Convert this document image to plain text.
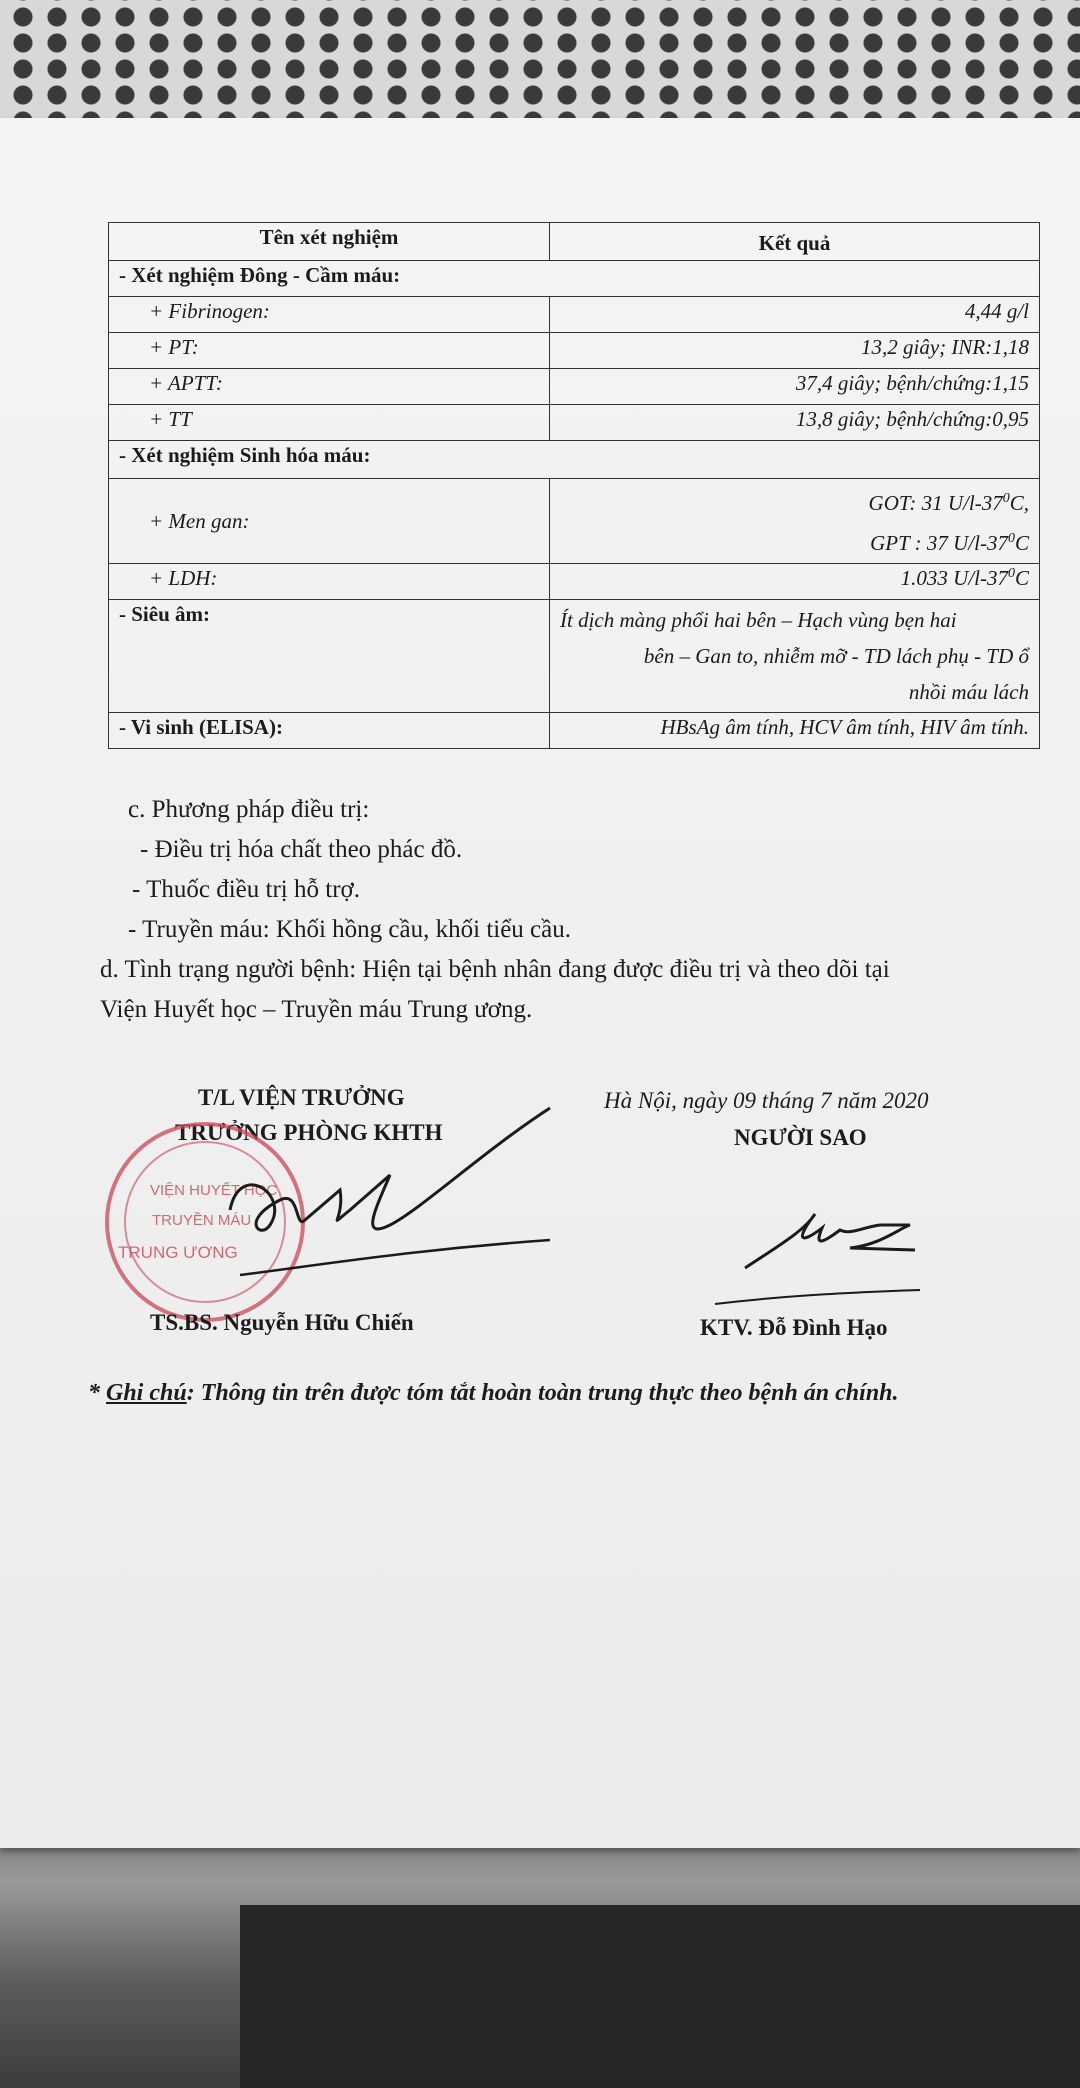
Tên xét nghiệm	Kết quả
- Xét nghiệm Đông - Cầm máu:	
+ Fibrinogen:	4,44 g/l
+ PT:	13,2 giây; INR:1,18
+ APTT:	37,4 giây; bệnh/chứng:1,15
+ TT	13,8 giây; bệnh/chứng:0,95
- Xét nghiệm Sinh hóa máu:	
+ Men gan:	GOT: 31 $U/l-37^0C$,
GPT : 37 $U/l-37^0C$

+ LDH:	1.033 $U/l-37^0C$
- Siêu âm:	Ít dịch màng phổi hai bên – Hạch vùng bẹn hai
bên – Gan to, nhiễm mỡ - TD lách phụ - TD ổ
nhồi máu lách

- Vi sinh (ELISA):	HBsAg âm tính, HCV âm tính, HIV âm tính.
c. Phương pháp điều trị:
- Điều trị hóa chất theo phác đồ.
- Thuốc điều trị hỗ trợ.
- Truyền máu: Khối hồng cầu, khối tiểu cầu.
d. Tình trạng người bệnh: Hiện tại bệnh nhân đang được điều trị và theo dõi tại
Viện Huyết học – Truyền máu Trung ương.
T/L VIỆN TRƯỞNG
TRƯỞNG PHÒNG KHTH
Hà Nội, ngày 09 tháng 7 năm 2020
NGƯỜI SAO
VIỆN HUYẾT HỌC
TRUYỀN MÁU
TRUNG ƯƠNG
TS.BS. Nguyễn Hữu Chiến	KTV. Đỗ Đình Hạo
* Ghi chú: Thông tin trên được tóm tắt hoàn toàn trung thực theo bệnh án chính.
